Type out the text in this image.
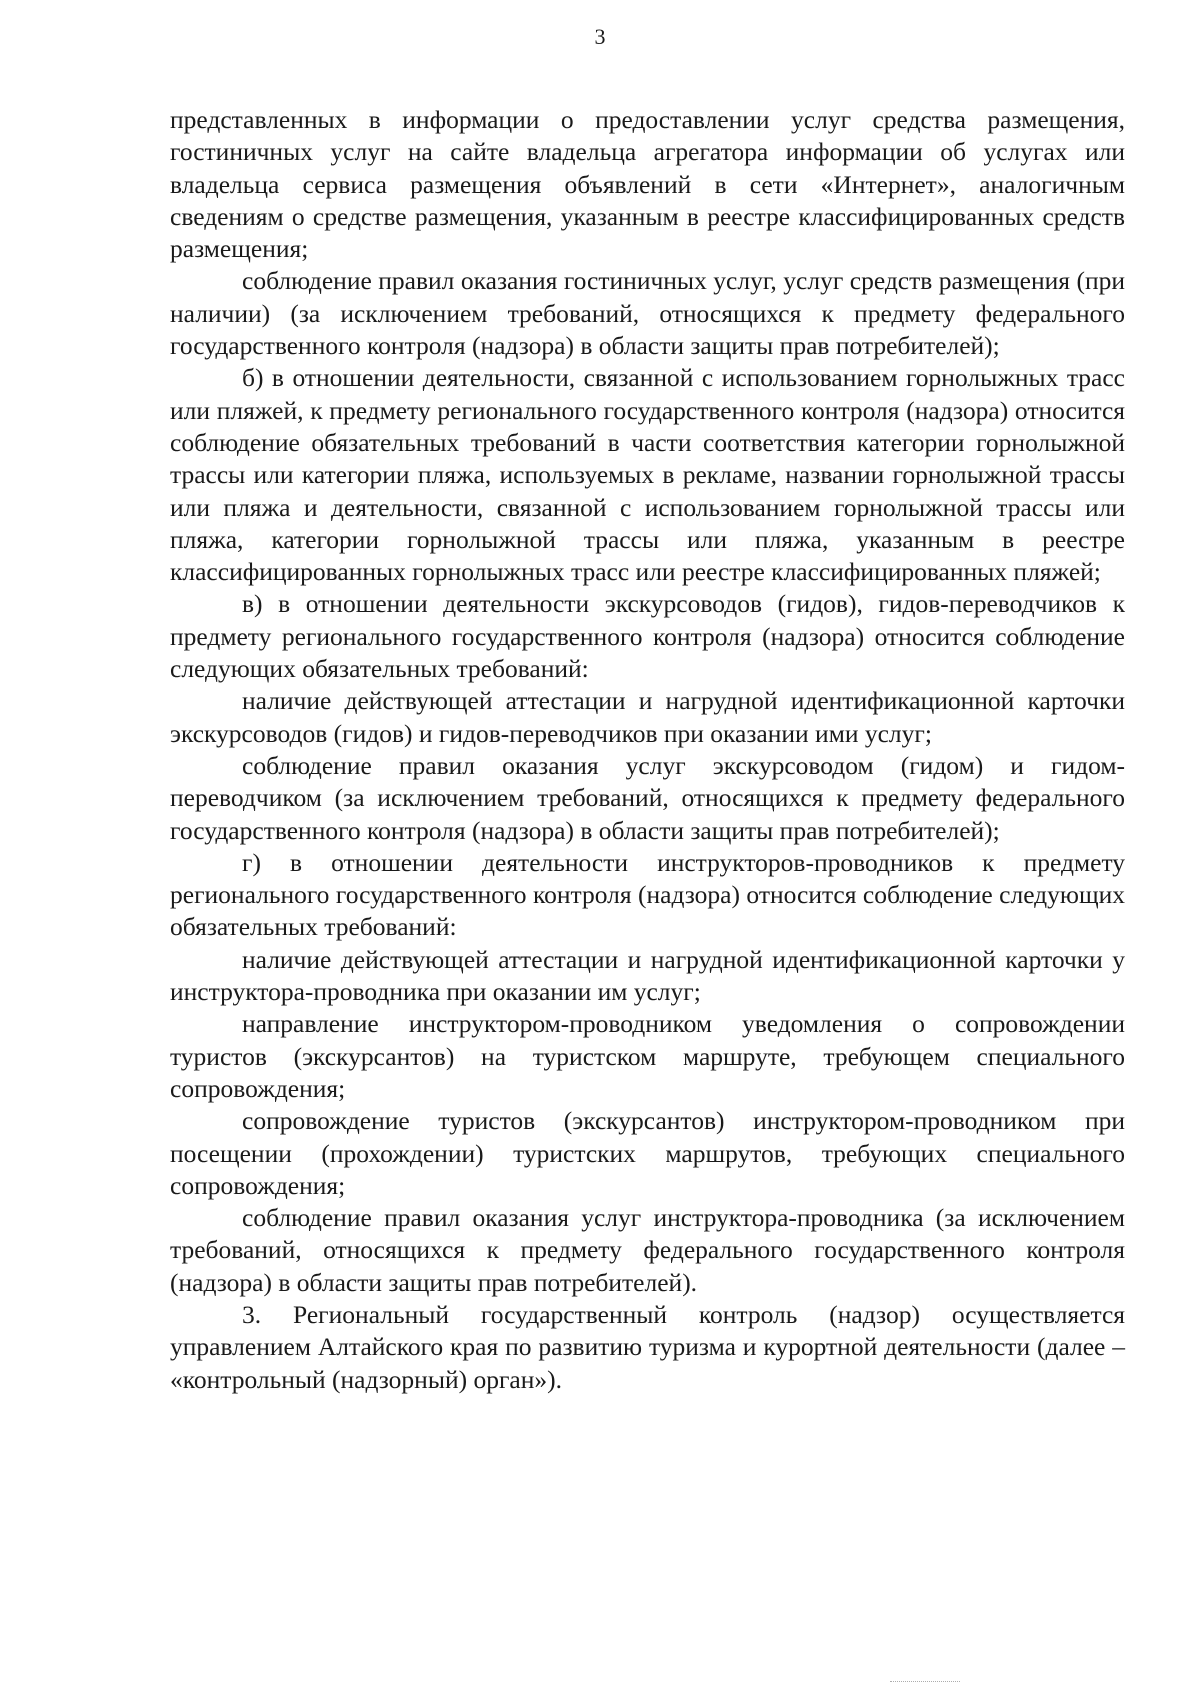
3

представленных в информации о предоставлении услуг средства размещения, гостиничных услуг на сайте владельца агрегатора информации об услугах или владельца сервиса размещения объявлений в сети «Интернет», аналогичным сведениям о средстве размещения, указанным в реестре классифицированных средств размещения;

соблюдение правил оказания гостиничных услуг, услуг средств размещения (при наличии) (за исключением требований, относящихся к предмету федерального государственного контроля (надзора) в области защиты прав потребителей);

б) в отношении деятельности, связанной с использованием горнолыжных трасс или пляжей, к предмету регионального государственного контроля (надзора) относится соблюдение обязательных требований в части соответствия категории горнолыжной трассы или категории пляжа, используемых в рекламе, названии горнолыжной трассы или пляжа и деятельности, связанной с использованием горнолыжной трассы или пляжа, категории горнолыжной трассы или пляжа, указанным в реестре классифицированных горнолыжных трасс или реестре классифицированных пляжей;

в) в отношении деятельности экскурсоводов (гидов), гидов-переводчиков к предмету регионального государственного контроля (надзора) относится соблюдение следующих обязательных требований:

наличие действующей аттестации и нагрудной идентификационной карточки экскурсоводов (гидов) и гидов-переводчиков при оказании ими услуг;

соблюдение правил оказания услуг экскурсоводом (гидом) и гидом-переводчиком (за исключением требований, относящихся к предмету федерального государственного контроля (надзора) в области защиты прав потребителей);

г) в отношении деятельности инструкторов-проводников к предмету регионального государственного контроля (надзора) относится соблюдение следующих обязательных требований:

наличие действующей аттестации и нагрудной идентификационной карточки у инструктора-проводника при оказании им услуг;

направление инструктором-проводником уведомления о сопровождении туристов (экскурсантов) на туристском маршруте, требующем специального сопровождения;

сопровождение туристов (экскурсантов) инструктором-проводником при посещении (прохождении) туристских маршрутов, требующих специального сопровождения;

соблюдение правил оказания услуг инструктора-проводника (за исключением требований, относящихся к предмету федерального государственного контроля (надзора) в области защиты прав потребителей).

3. Региональный государственный контроль (надзор) осуществляется управлением Алтайского края по развитию туризма и курортной деятельности (далее – «контрольный (надзорный) орган»).
